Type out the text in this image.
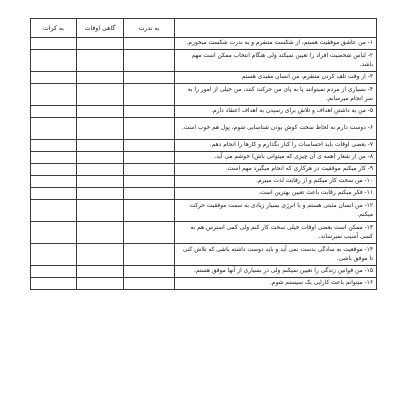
	به ندرت	گاهی اوقات	به کرات
۱- من عاشق موفقیت هستم، از شکست متنفرم و به ندرت شکست میخورم.			
۲- لباس شخصیت افراد را تعیین نمیکند ولی هنگام انتخاب ممکن است مهم باشد.			
۳- از وقت تلف کردن متنفرم، من انسان مفیدی هستم			
۴- بسیاری از مردم نمیتوانند پا به پای من حرکت کنند، من خیلی از امور را به سر انجام میرسانم.			
۵- من به داشتن اهداف و تلاش برای رسیدن به اهداف اعتقاد دارم.			
۶- دوست دارم به لحاظ سخت کوش بودن شناسایی شوم، پول هم خوب است.			
۷- بعضی اوقات باید احساسات را کنار بگذارم و کارها را انجام دهم.			
۸- من از شعار (همه ی آن چیزی که میتوانی باش) خوشم می آید.			
۹- کار میکنم موفقیت در هرکاری که انجام میگیرد مهم است.			
۱۰- من سخت کار میکنم و از رقابت لذت میبرم.			
۱۱- فکر میکنم رقابت باعث تعیین بهترین است.			
۱۲- من انسان مثبتی هستم و با انرژی بسیار زیادی به سمت موفقیت حرکت میکنم.			
۱۳- ممکن است بعضی اوقات خیلی سخت کار کنم ولی کمی استرس هم به کسی آسیب نمیرساند.			
۱۴- موقعیت به سادگی بدست نمی آید و باید دوست داشته باشی که تلاش کنی تا موفق باشی.			
۱۵- من قوانین زندگی را تعیین نمیکنم ولی در بسیاری از آنها موفق هستم.			
۱۶- میتوانم باعث کارایی یک سیستم شوم.			
